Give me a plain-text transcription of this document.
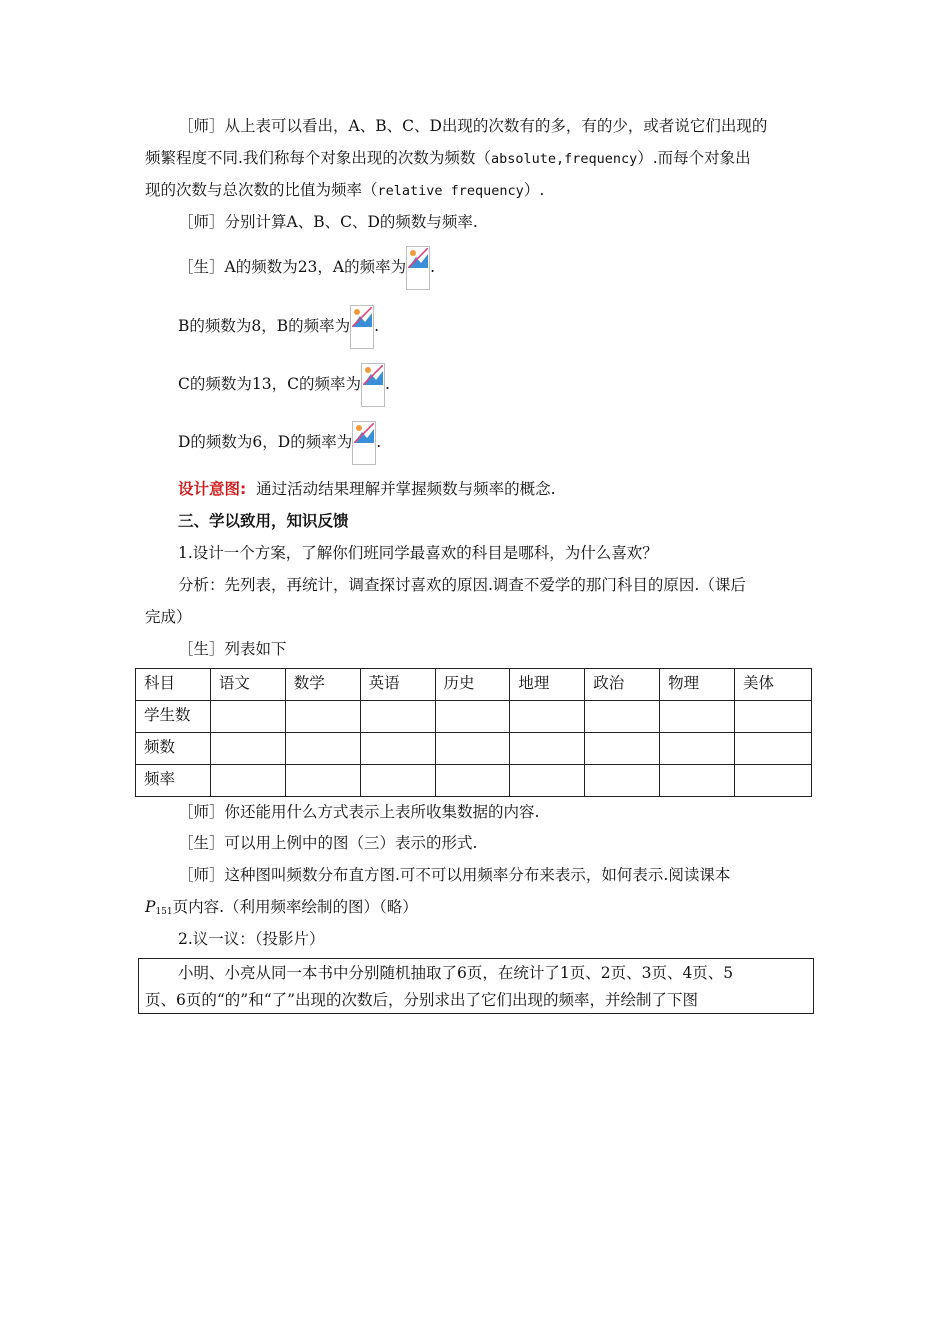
［师］从上表可以看出，A、B、C、D出现的次数有的多，有的少，或者说它们出现的
频繁程度不同.我们称每个对象出现的次数为频数（absolute,frequency）.而每个对象出
现的次数与总次数的比值为频率（relative frequency）.
［师］分别计算A、B、C、D的频数与频率.
［生］A的频数为23，A的频率为 .
B的频数为8，B的频率为 .
C的频数为13，C的频率为 .
D的频数为6，D的频率为 .
设计意图: 通过活动结果理解并掌握频数与频率的概念.
三、学以致用，知识反馈
1.设计一个方案，了解你们班同学最喜欢的科目是哪科，为什么喜欢？
分析：先列表，再统计，调查探讨喜欢的原因.调查不爱学的那门科目的原因.（课后
完成）
［生］列表如下
科目	语文	数学	英语	历史	地理	政治	物理	美体
学生数								
频数								
频率								
［师］你还能用什么方式表示上表所收集数据的内容.
［生］可以用上例中的图（三）表示的形式.
［师］这种图叫频数分布直方图.可不可以用频率分布来表示，如何表示.阅读课本
$P_{151}$页内容.（利用频率绘制的图）（略）
2.议一议：（投影片）
小明、小亮从同一本书中分别随机抽取了6页，在统计了1页、2页、3页、4页、5
页、6页的“的”和“了”出现的次数后，分别求出了它们出现的频率，并绘制了下图
